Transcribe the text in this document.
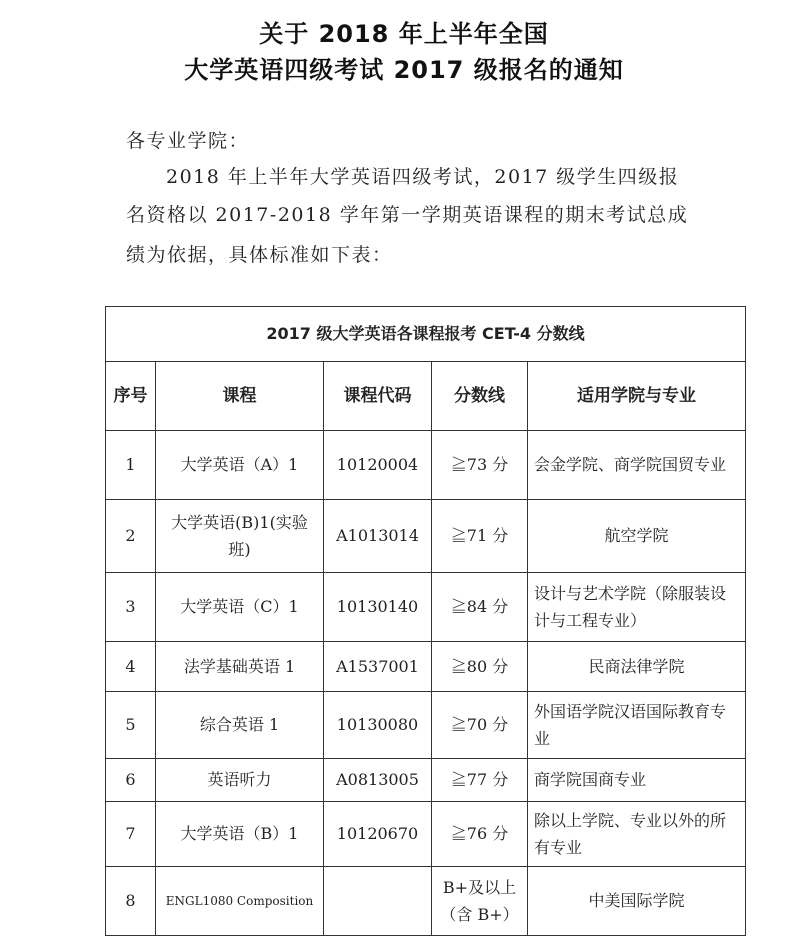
关于 2018 年上半年全国
大学英语四级考试 2017 级报名的通知
各专业学院：
2018 年上半年大学英语四级考试，2017 级学生四级报
名资格以 2017-2018 学年第一学期英语课程的期末考试总成
绩为依据，具体标准如下表：
2017 级大学英语各课程报考 CET-4 分数线				
序号	课程	课程代码	分数线	适用学院与专业
1	大学英语（A）1	10120004	≧73 分	会金学院、商学院国贸专业
2	大学英语(B)1(实验班)	A1013014	≧71 分	航空学院
3	大学英语（C）1	10130140	≧84 分	设计与艺术学院（除服装设计与工程专业）
4	法学基础英语 1	A1537001	≧80 分	民商法律学院
5	综合英语 1	10130080	≧70 分	外国语学院汉语国际教育专业
6	英语听力	A0813005	≧77 分	商学院国商专业
7	大学英语（B）1	10120670	≧76 分	除以上学院、专业以外的所有专业
8	ENGL1080 Composition		B+及以上（含 B+）	中美国际学院
